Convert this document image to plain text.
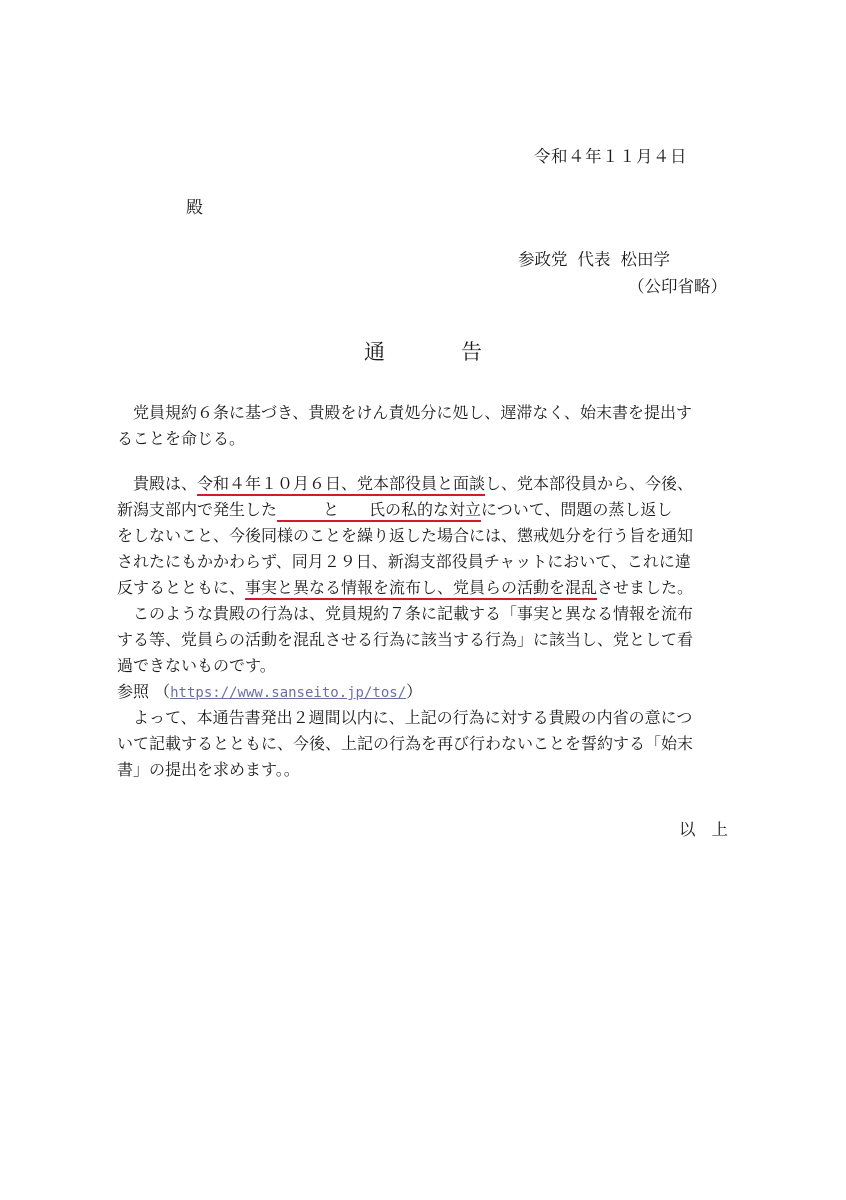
令和４年１１月４日
殿
参政党 代表 松田学
（公印省略）
通	告
　党員規約６条に基づき、貴殿をけん責処分に処し、遅滞なく、始末書を提出す
ることを命じる。
　貴殿は、令和４年１０月６日、党本部役員と面談し、党本部役員から、今後、
新潟支部内で発生した	と 氏の私的な対立について、問題の蒸し返し
をしないこと、今後同様のことを繰り返した場合には、懲戒処分を行う旨を通知
されたにもかかわらず、同月２９日、新潟支部役員チャットにおいて、これに違
反するとともに、事実と異なる情報を流布し、党員らの活動を混乱させました。
　このような貴殿の行為は、党員規約７条に記載する「事実と異なる情報を流布
する等、党員らの活動を混乱させる行為に該当する行為」に該当し、党として看
過できないものです。
参照 （https://www.sanseito.jp/tos/）
　よって、本通告書発出２週間以内に、上記の行為に対する貴殿の内省の意につ
いて記載するとともに、今後、上記の行為を再び行わないことを誓約する「始末
書」の提出を求めます。。
以 上
